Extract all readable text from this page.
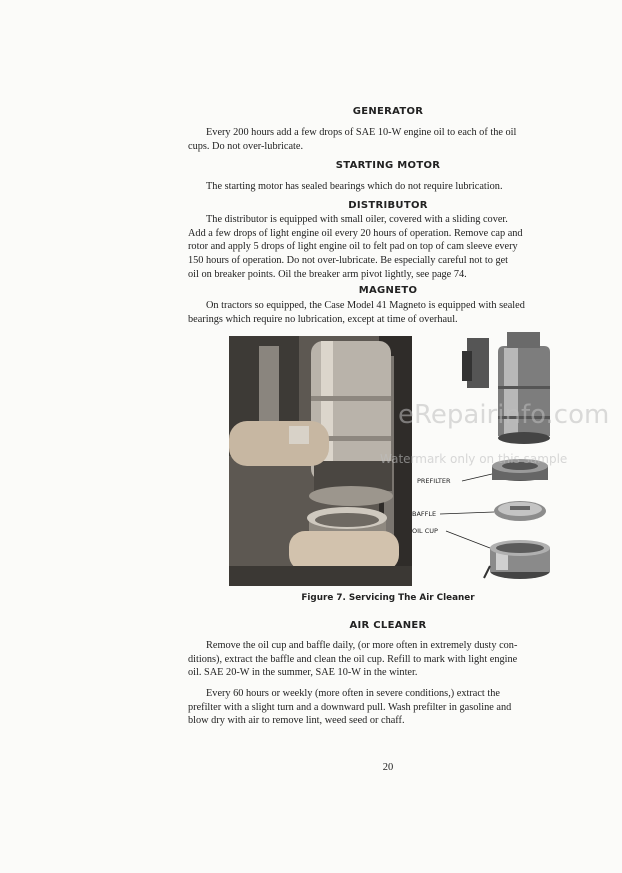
GENERATOR
Every 200 hours add a few drops of SAE 10-W engine oil to each of the oil
cups. Do not over-lubricate.
STARTING MOTOR
The starting motor has sealed bearings which do not require lubrication.
DISTRIBUTOR
The distributor is equipped with small oiler, covered with a sliding cover.
Add a few drops of light engine oil every 20 hours of operation. Remove cap and
rotor and apply 5 drops of light engine oil to felt pad on top of cam sleeve every
150 hours of operation. Do not over-lubricate. Be especially careful not to get
oil on breaker points. Oil the breaker arm pivot lightly, see page 74.
MAGNETO
On tractors so equipped, the Case Model 41 Magneto is equipped with sealed
bearings which require no lubrication, except at time of overhaul.
PREFILTER
BAFFLE
OIL CUP
eRepairinfo.com
Watermark only on this sample
Figure 7. Servicing The Air Cleaner
AIR CLEANER
Remove the oil cup and baffle daily, (or more often in extremely dusty con-
ditions), extract the baffle and clean the oil cup. Refill to mark with light engine
oil. SAE 20-W in the summer, SAE 10-W in the winter.
Every 60 hours or weekly (more often in severe conditions,) extract the
prefilter with a slight turn and a downward pull. Wash prefilter in gasoline and
blow dry with air to remove lint, weed seed or chaff.
20
